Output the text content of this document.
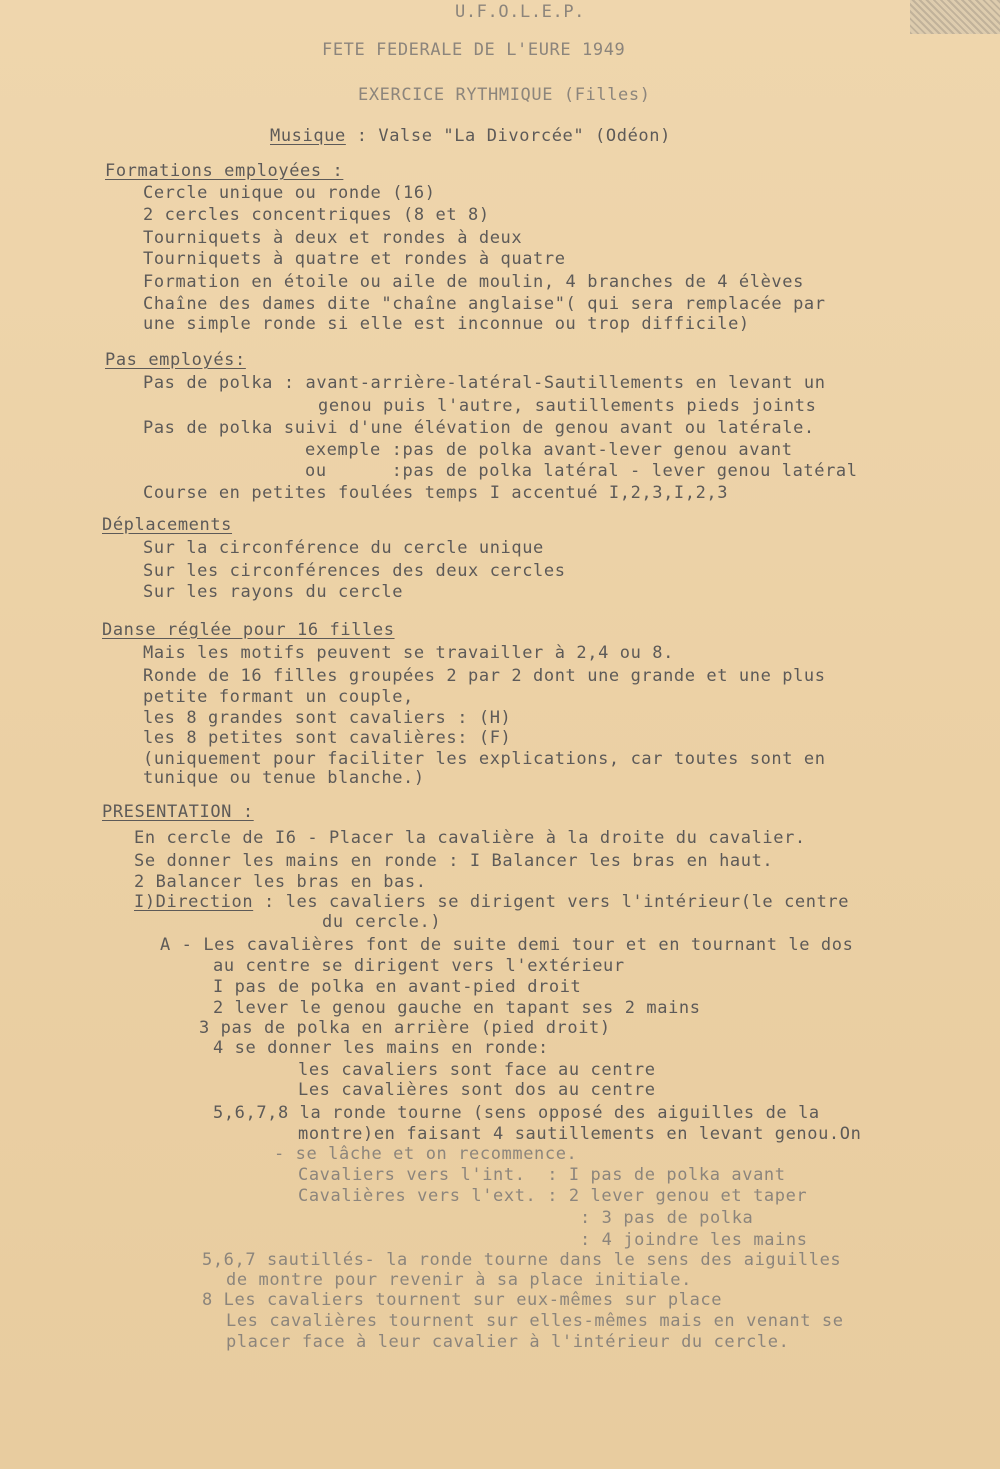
U.F.O.L.E.P.
FETE FEDERALE DE L'EURE 1949
EXERCICE RYTHMIQUE (Filles)
Musique : Valse "La Divorcée" (Odéon)
Formations employées :
Cercle unique ou ronde (16)
2 cercles concentriques (8 et 8)
Tourniquets à deux et rondes à deux
Tourniquets à quatre et rondes à quatre
Formation en étoile ou aile de moulin, 4 branches de 4 élèves
Chaîne des dames dite "chaîne anglaise"( qui sera remplacée par
une simple ronde si elle est inconnue ou trop difficile)
Pas employés:
Pas de polka : avant-arrière-latéral-Sautillements en levant un
genou puis l'autre, sautillements pieds joints
Pas de polka suivi d'une élévation de genou avant ou latérale.
exemple :pas de polka avant-lever genou avant
ou      :pas de polka latéral - lever genou latéral
Course en petites foulées temps I accentué I,2,3,I,2,3
Déplacements
Sur la circonférence du cercle unique
Sur les circonférences des deux cercles
Sur les rayons du cercle
Danse réglée pour 16 filles
Mais les motifs peuvent se travailler à 2,4 ou 8.
Ronde de 16 filles groupées 2 par 2 dont une grande et une plus
petite formant un couple,
les 8 grandes sont cavaliers : (H)
les 8 petites sont cavalières: (F)
(uniquement pour faciliter les explications, car toutes sont en
tunique ou tenue blanche.)
PRESENTATION :
En cercle de I6 - Placer la cavalière à la droite du cavalier.
Se donner les mains en ronde : I Balancer les bras en haut.
2 Balancer les bras en bas.
I)Direction : les cavaliers se dirigent vers l'intérieur(le centre
du cercle.)
A - Les cavalières font de suite demi tour et en tournant le dos
au centre se dirigent vers l'extérieur
I pas de polka en avant-pied droit
2 lever le genou gauche en tapant ses 2 mains
3 pas de polka en arrière (pied droit)
4 se donner les mains en ronde:
les cavaliers sont face au centre
Les cavalières sont dos au centre
5,6,7,8 la ronde tourne (sens opposé des aiguilles de la
montre)en faisant 4 sautillements en levant genou.On
- se lâche et on recommence.
Cavaliers vers l'int.  : I pas de polka avant
Cavalières vers l'ext. : 2 lever genou et taper
: 3 pas de polka
: 4 joindre les mains
5,6,7 sautillés- la ronde tourne dans le sens des aiguilles
de montre pour revenir à sa place initiale.
8 Les cavaliers tournent sur eux-mêmes sur place
Les cavalières tournent sur elles-mêmes mais en venant se
placer face à leur cavalier à l'intérieur du cercle.
